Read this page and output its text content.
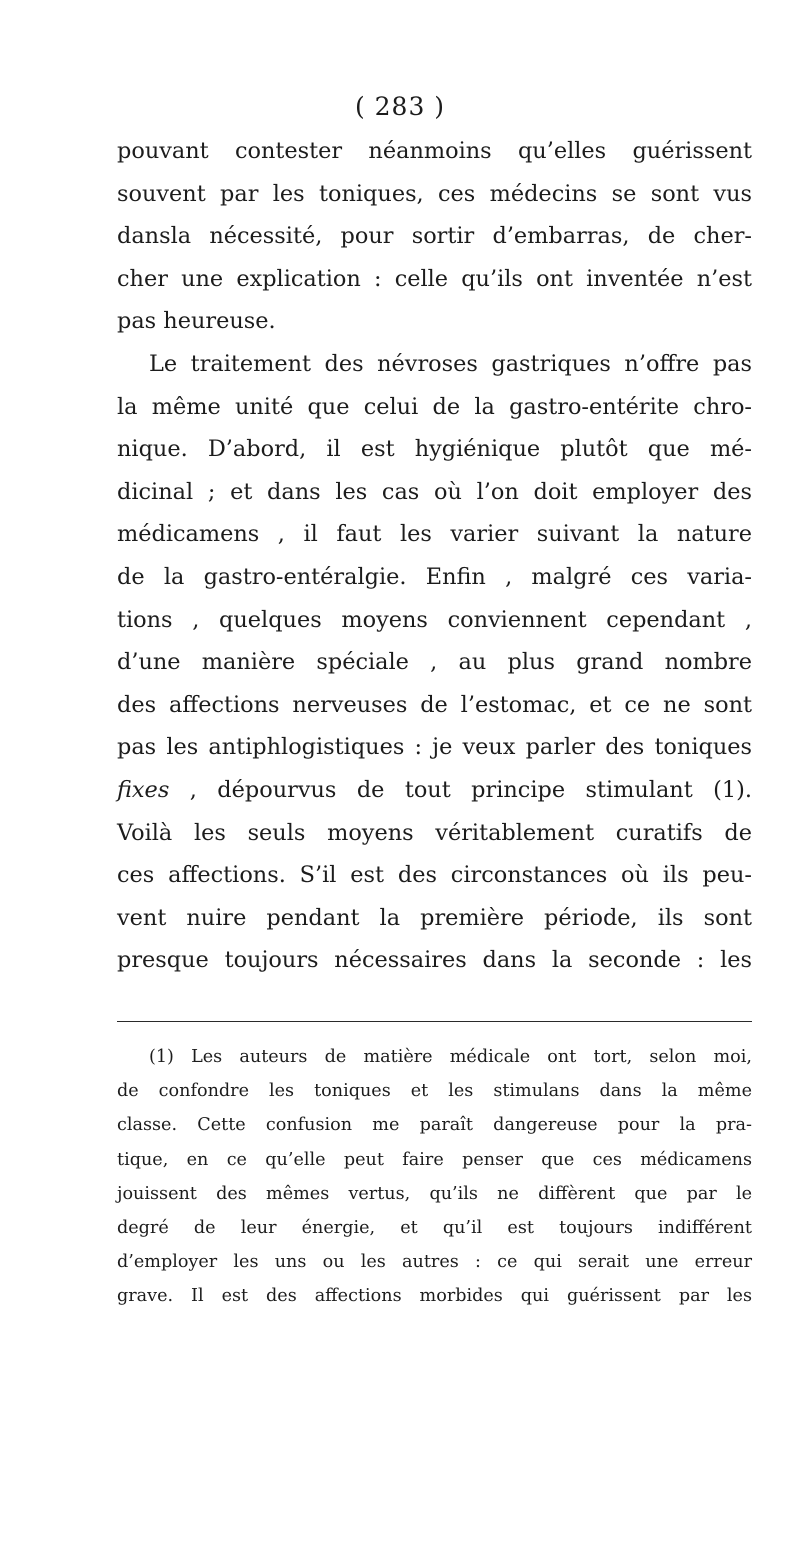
( 283 )
pouvant contester néanmoins qu’elles guérissent
souvent par les toniques, ces médecins se sont vus
dansla nécessité, pour sortir d’embarras, de cher-
cher une explication : celle qu’ils ont inventée n’est
pas heureuse.
Le traitement des névroses gastriques n’offre pas
la même unité que celui de la gastro-entérite chro-
nique. D’abord, il est hygiénique plutôt que mé-
dicinal ; et dans les cas où l’on doit employer des
médicamens , il faut les varier suivant la nature
de la gastro-entéralgie. Enfin , malgré ces varia-
tions , quelques moyens conviennent cependant ,
d’une manière spéciale , au plus grand nombre
des affections nerveuses de l’estomac, et ce ne sont
pas les antiphlogistiques : je veux parler des toniques
fixes , dépourvus de tout principe stimulant (1).
Voilà les seuls moyens véritablement curatifs de
ces affections. S’il est des circonstances où ils peu-
vent nuire pendant la première période, ils sont
presque toujours nécessaires dans la seconde : les
(1) Les auteurs de matière médicale ont tort, selon moi,
de confondre les toniques et les stimulans dans la même
classe. Cette confusion me paraît dangereuse pour la pra-
tique, en ce qu’elle peut faire penser que ces médicamens
jouissent des mêmes vertus, qu’ils ne diffèrent que par le
degré de leur énergie, et qu’il est toujours indifférent
d’employer les uns ou les autres : ce qui serait une erreur
grave. Il est des affections morbides qui guérissent par les
